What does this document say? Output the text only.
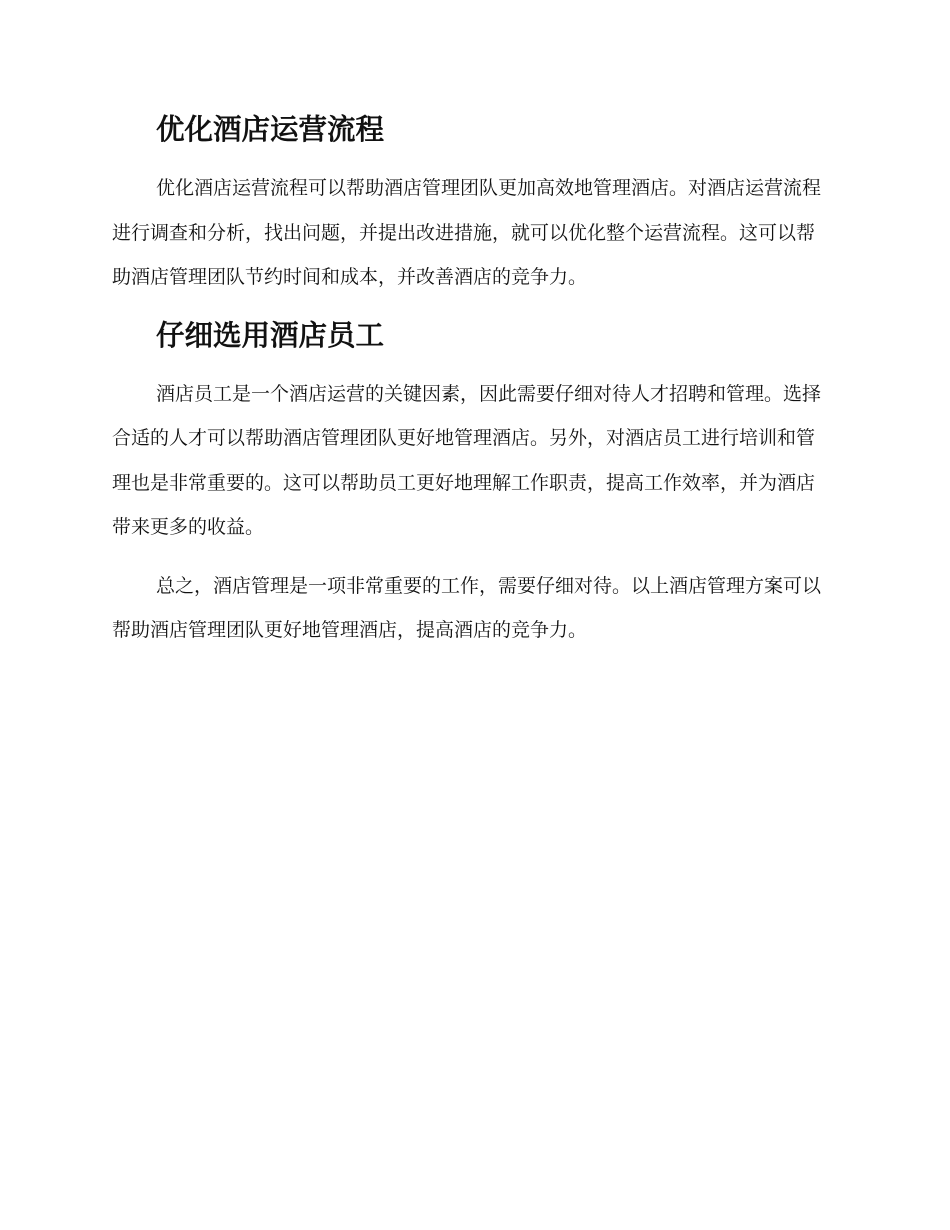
优化酒店运营流程

优化酒店运营流程可以帮助酒店管理团队更加高效地管理酒店。对酒店运营流程进行调查和分析，找出问题，并提出改进措施，就可以优化整个运营流程。这可以帮助酒店管理团队节约时间和成本，并改善酒店的竞争力。

仔细选用酒店员工

酒店员工是一个酒店运营的关键因素，因此需要仔细对待人才招聘和管理。选择合适的人才可以帮助酒店管理团队更好地管理酒店。另外，对酒店员工进行培训和管理也是非常重要的。这可以帮助员工更好地理解工作职责，提高工作效率，并为酒店带来更多的收益。

总之，酒店管理是一项非常重要的工作，需要仔细对待。以上酒店管理方案可以帮助酒店管理团队更好地管理酒店，提高酒店的竞争力。
